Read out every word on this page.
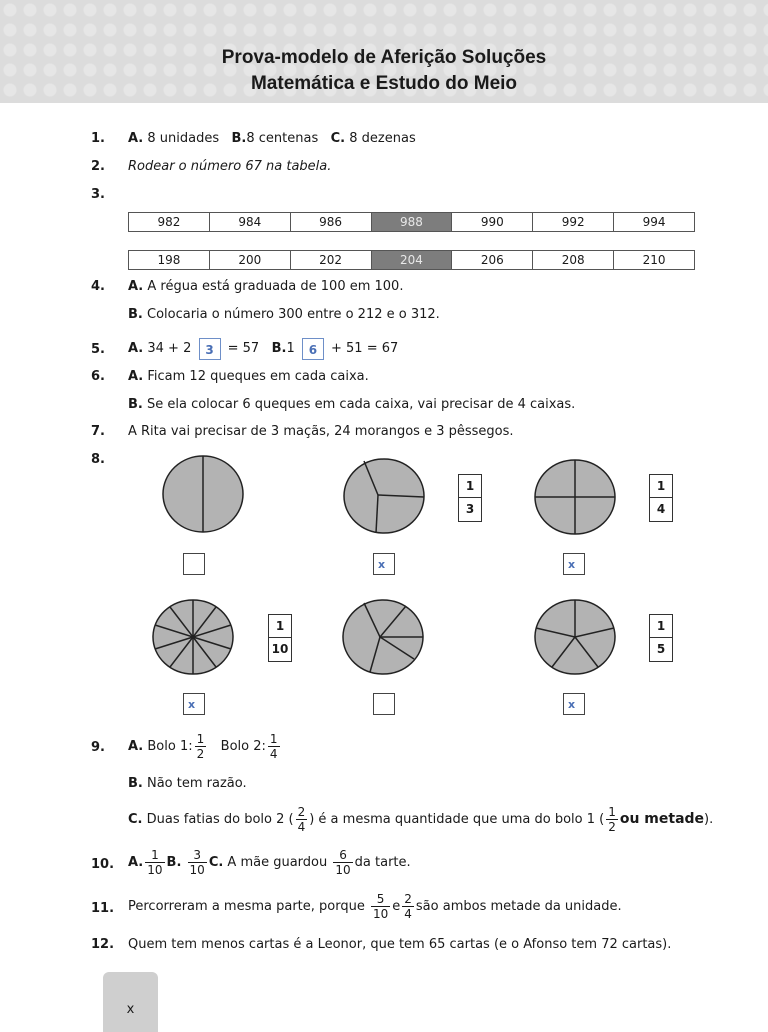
Prova-modelo de Aferição Soluções
Matemática e Estudo do Meio
1. A. 8 unidades   B.8 centenas   C. 8 dezenas
2. Rodear o número 67 na tabela.
3.
982	984	986	988	990	992	994
198	200	202	204	206	208	210
4. A. A régua está graduada de 100 em 100.
B. Colocaria o número 300 entre o 212 e o 312.
5. A. 34 + 2 3 = 57   B.1 6 + 51 = 67
6. A. Ficam 12 queques em cada caixa.
B. Se ela colocar 6 queques em cada caixa, vai precisar de 4 caixas.
7. A Rita vai precisar de 3 maçãs, 24 morangos e 3 pêssegos.
8.
$\frac{1}{3}$	$\frac{1}{4}$
x	x
$\frac{1}{10}$	$\frac{1}{5}$
x	x
9. A. Bolo 1: $\frac{1}{2}$ Bolo 2: $\frac{1}{4}$
B. Não tem razão.
C. Duas fatias do bolo 2 ( $\frac{2}{4}$ ) é a mesma quantidade que uma do bolo 1 ( $\frac{1}{2}$ ou metade).
10. A. $\frac{1}{10} B$. $\frac{3}{10} C$. A mãe guardou $\frac{6}{10}$ da tarte.
11. Percorreram a mesma parte, porque $\frac{5}{10}$ e $\frac{2}{4}$ são ambos metade da unidade.
12. Quem tem menos cartas é a Leonor, que tem 65 cartas (e o Afonso tem 72 cartas).
x
